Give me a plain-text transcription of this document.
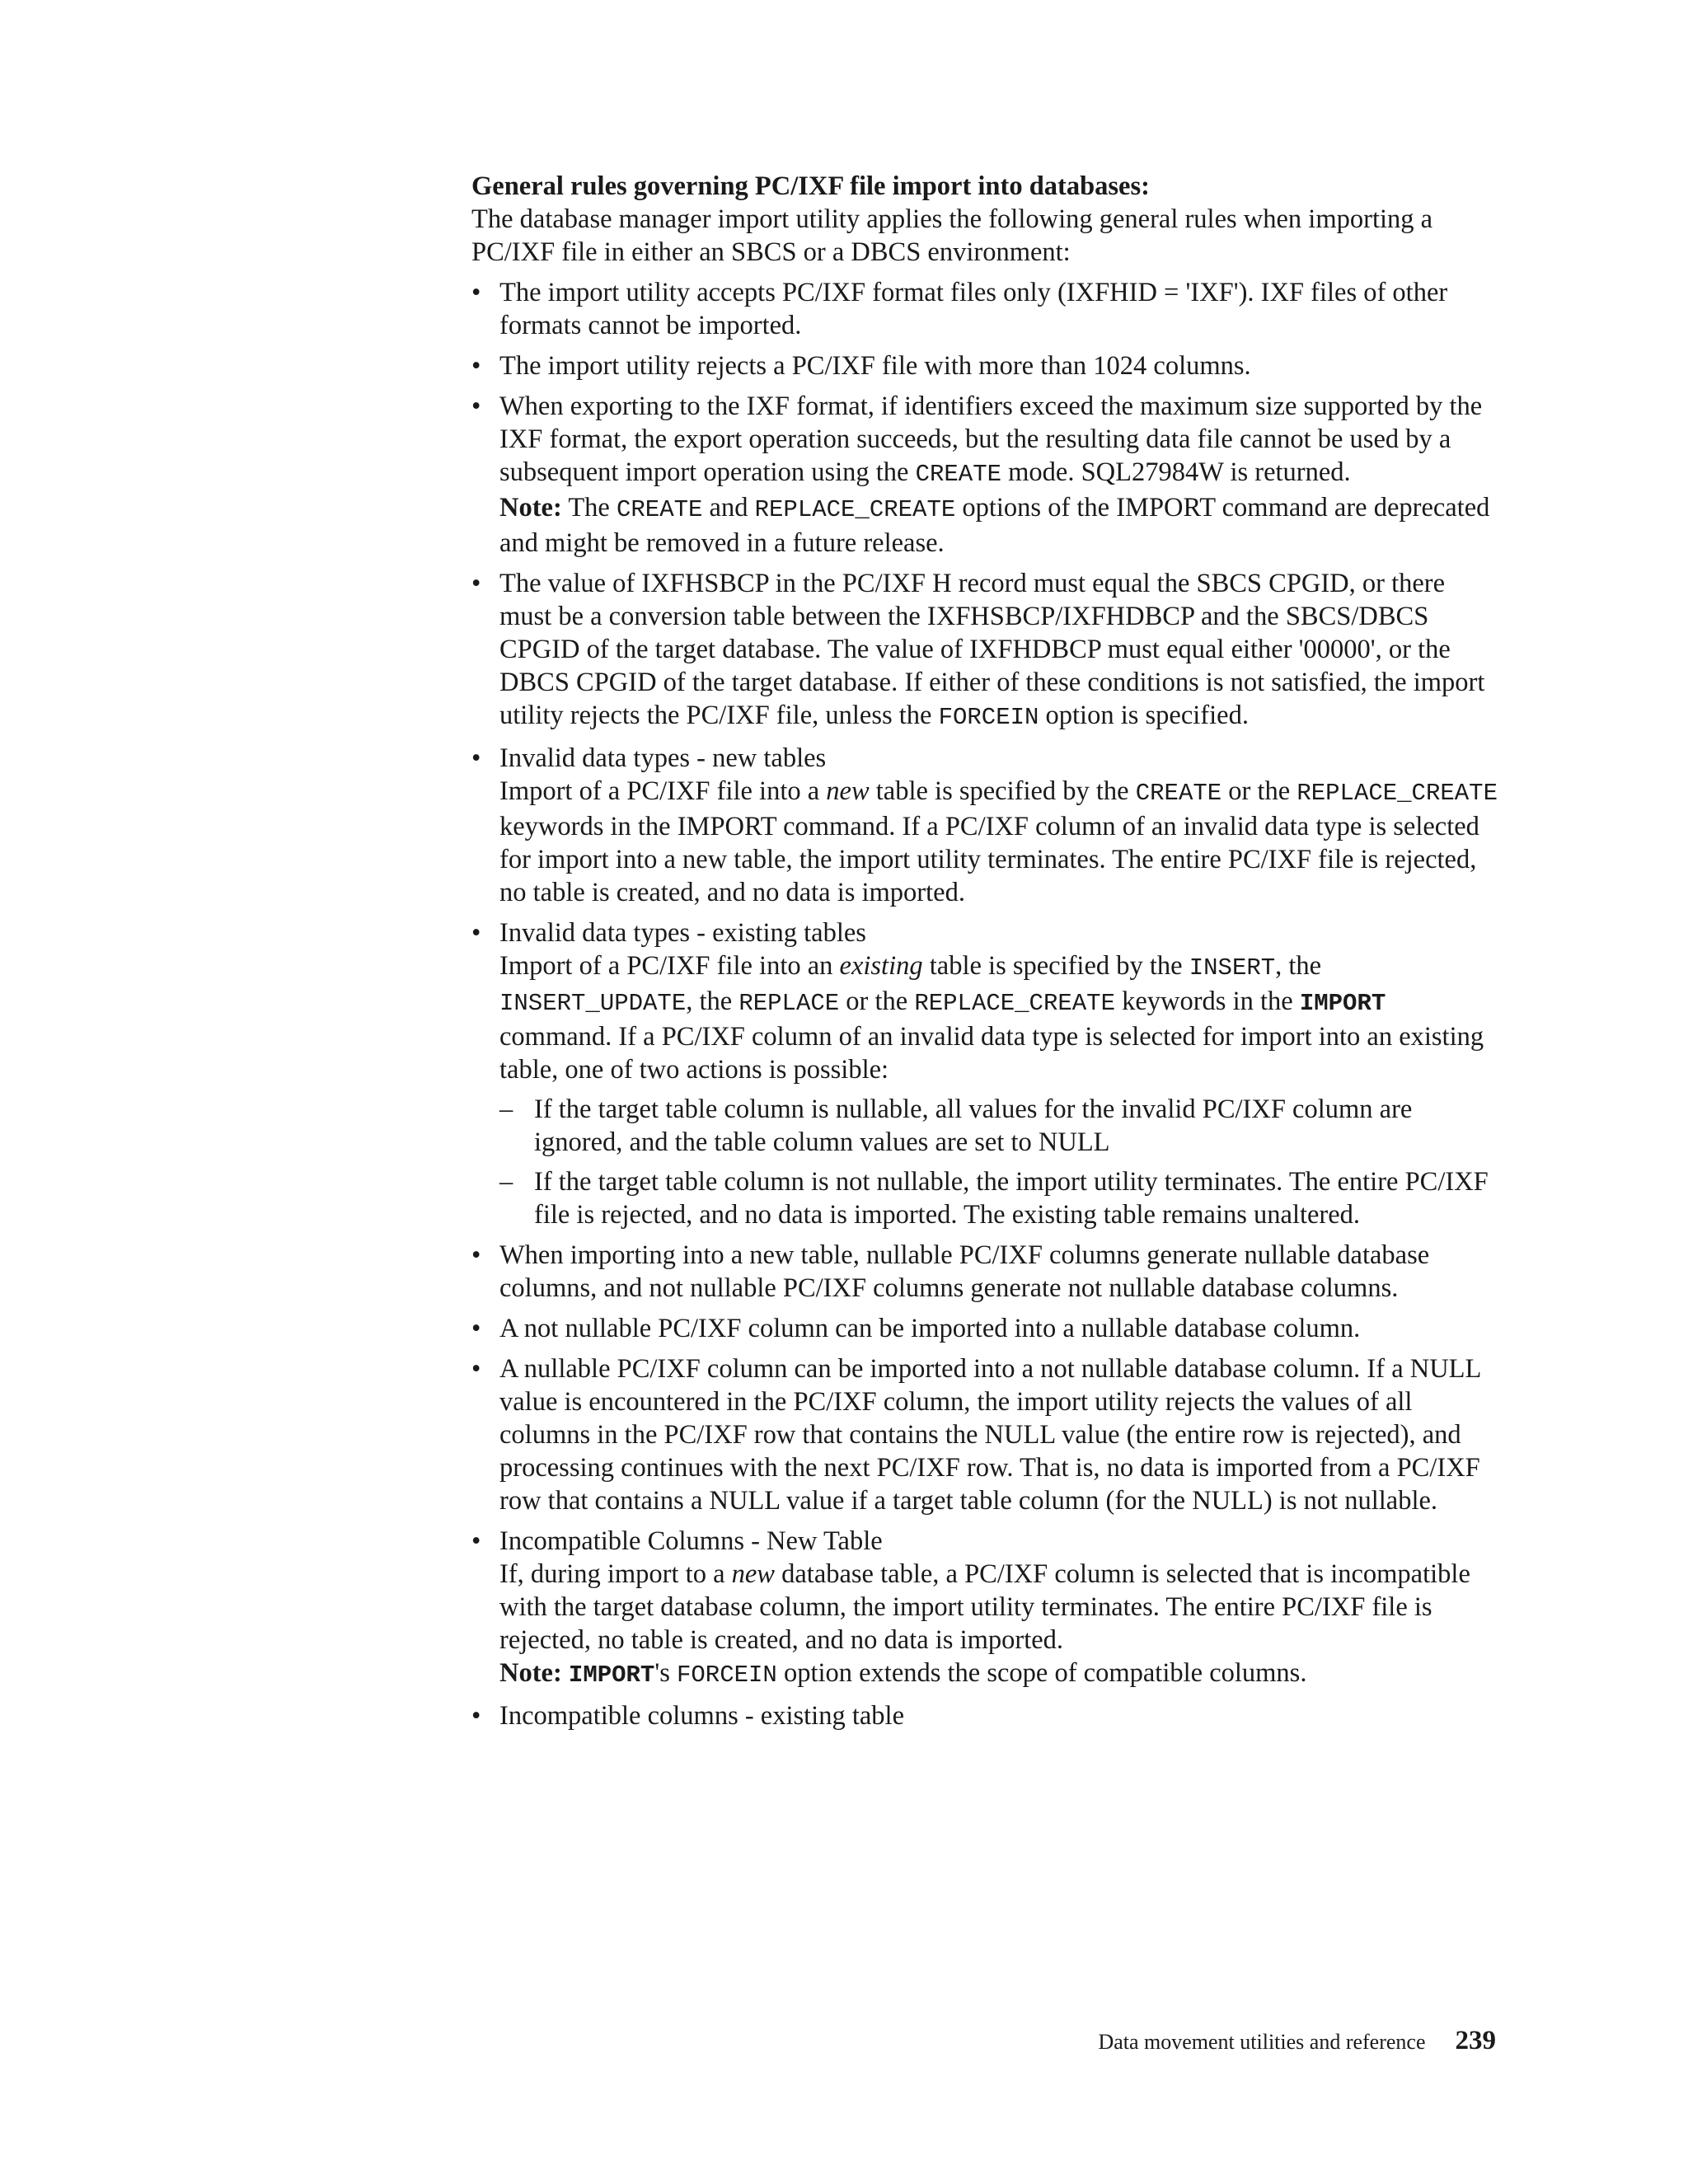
General rules governing PC/IXF file import into databases:

The database manager import utility applies the following general rules when importing a PC/IXF file in either an SBCS or a DBCS environment:

• The import utility accepts PC/IXF format files only (IXFHID = 'IXF'). IXF files of other formats cannot be imported.
• The import utility rejects a PC/IXF file with more than 1024 columns.
• When exporting to the IXF format, if identifiers exceed the maximum size supported by the IXF format, the export operation succeeds, but the resulting data file cannot be used by a subsequent import operation using the CREATE mode. SQL27984W is returned.

Note: The CREATE and REPLACE_CREATE options of the IMPORT command are deprecated and might be removed in a future release.

• The value of IXFHSBCP in the PC/IXF H record must equal the SBCS CPGID, or there must be a conversion table between the IXFHSBCP/IXFHDBCP and the SBCS/DBCS CPGID of the target database. The value of IXFHDBCP must equal either '00000', or the DBCS CPGID of the target database. If either of these conditions is not satisfied, the import utility rejects the PC/IXF file, unless the FORCEIN option is specified.
• Invalid data types - new tables

Import of a PC/IXF file into a new table is specified by the CREATE or the REPLACE_CREATE keywords in the IMPORT command. If a PC/IXF column of an invalid data type is selected for import into a new table, the import utility terminates. The entire PC/IXF file is rejected, no table is created, and no data is imported.

• Invalid data types - existing tables

Import of a PC/IXF file into an existing table is specified by the INSERT, the INSERT_UPDATE, the REPLACE or the REPLACE_CREATE keywords in the IMPORT command. If a PC/IXF column of an invalid data type is selected for import into an existing table, one of two actions is possible:

– If the target table column is nullable, all values for the invalid PC/IXF column are ignored, and the table column values are set to NULL
– If the target table column is not nullable, the import utility terminates. The entire PC/IXF file is rejected, and no data is imported. The existing table remains unaltered.
• When importing into a new table, nullable PC/IXF columns generate nullable database columns, and not nullable PC/IXF columns generate not nullable database columns.
• A not nullable PC/IXF column can be imported into a nullable database column.
• A nullable PC/IXF column can be imported into a not nullable database column. If a NULL value is encountered in the PC/IXF column, the import utility rejects the values of all columns in the PC/IXF row that contains the NULL value (the entire row is rejected), and processing continues with the next PC/IXF row. That is, no data is imported from a PC/IXF row that contains a NULL value if a target table column (for the NULL) is not nullable.
• Incompatible Columns - New Table

If, during import to a new database table, a PC/IXF column is selected that is incompatible with the target database column, the import utility terminates. The entire PC/IXF file is rejected, no table is created, and no data is imported.

Note: IMPORT's FORCEIN option extends the scope of compatible columns.

• Incompatible columns - existing table
Data movement utilities and reference 239
